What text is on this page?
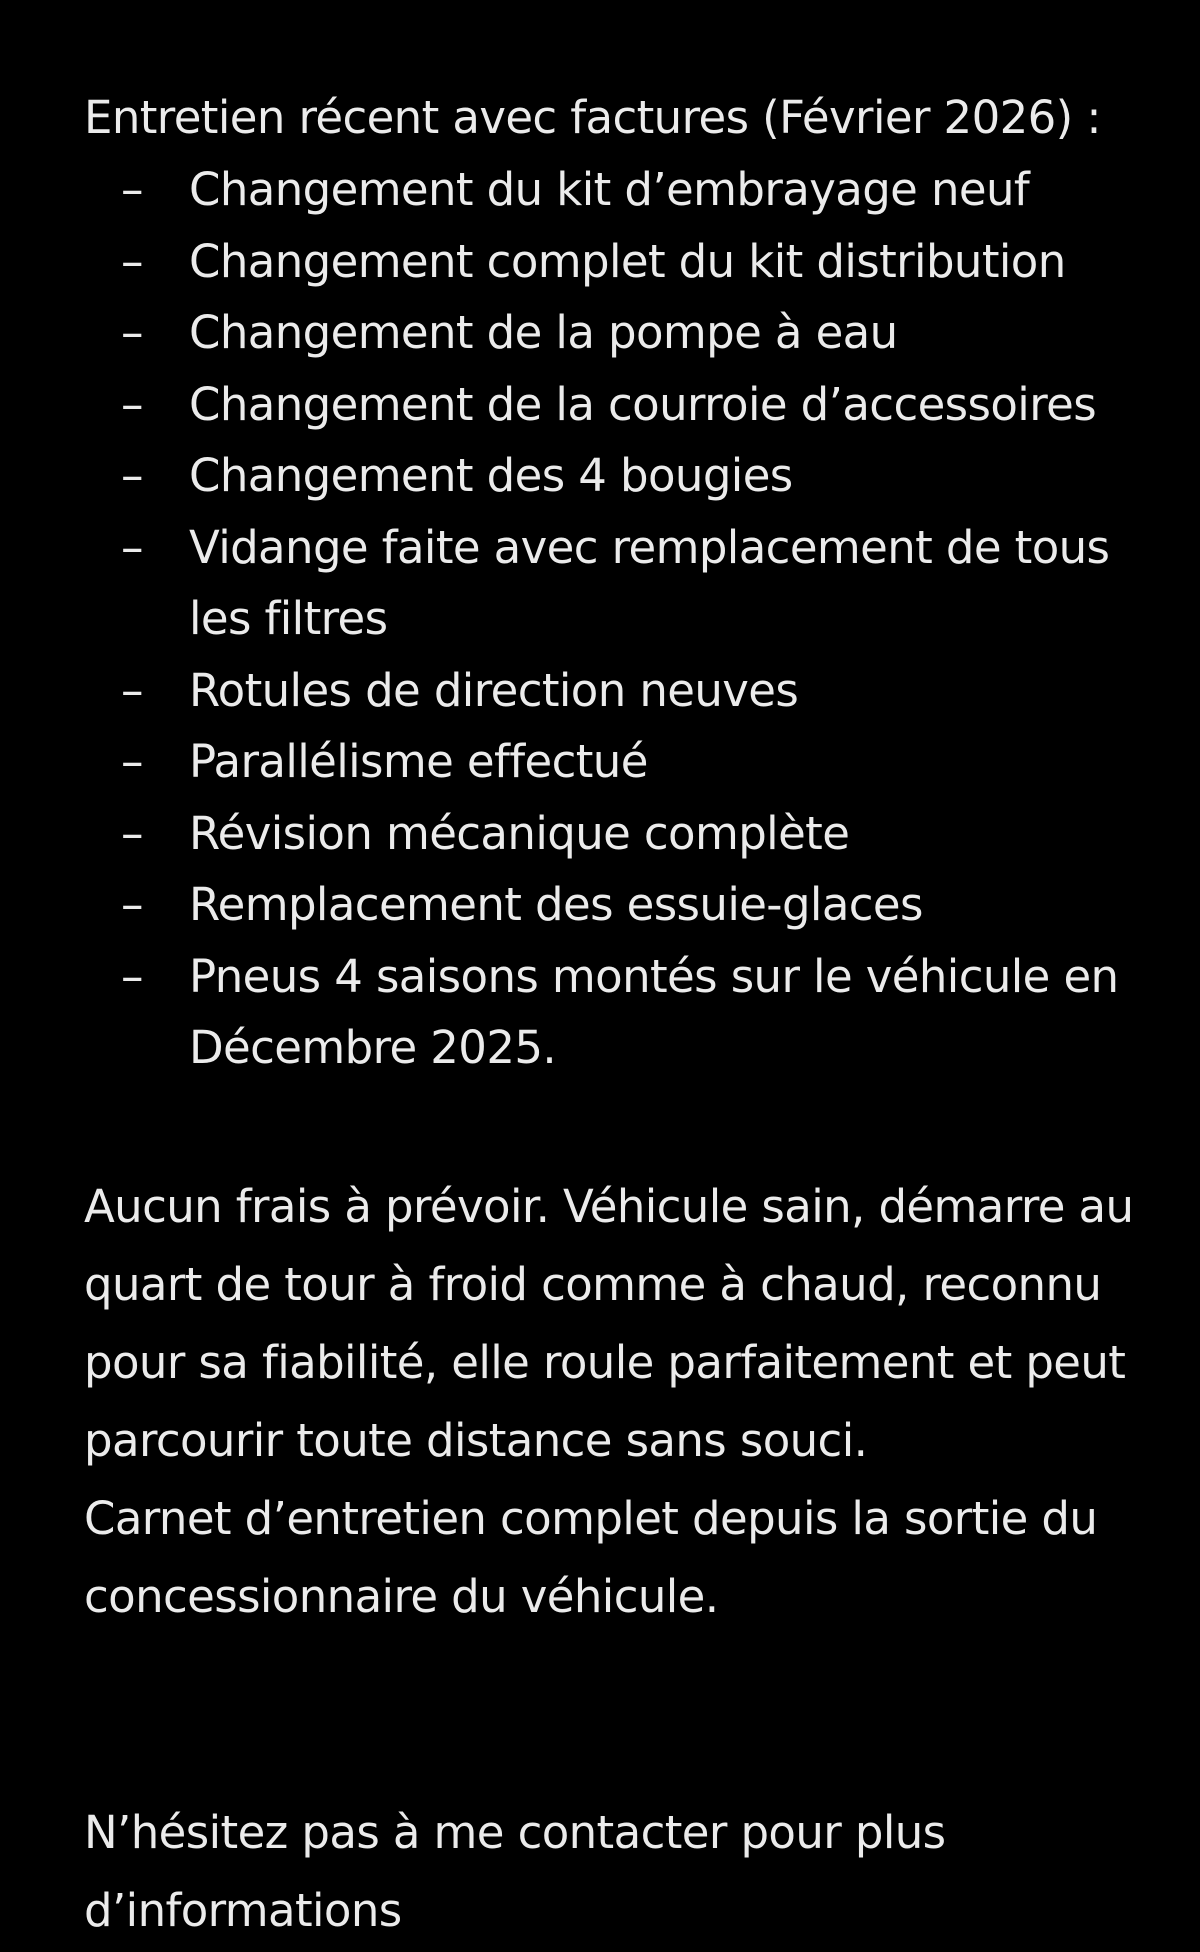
Entretien récent avec factures (Février 2026) :
– Changement du kit d’embrayage neuf
– Changement complet du kit distribution
– Changement de la pompe à eau
– Changement de la courroie d’accessoires
– Changement des 4 bougies
– Vidange faite avec remplacement de tous
les filtres
– Rotules de direction neuves
– Parallélisme effectué
– Révision mécanique complète
– Remplacement des essuie-glaces
– Pneus 4 saisons montés sur le véhicule en
Décembre 2025.

Aucun frais à prévoir. Véhicule sain, démarre au
quart de tour à froid comme à chaud, reconnu
pour sa fiabilité, elle roule parfaitement et peut
parcourir toute distance sans souci.
Carnet d’entretien complet depuis la sortie du
concessionnaire du véhicule.

N’hésitez pas à me contacter pour plus
d’informations
